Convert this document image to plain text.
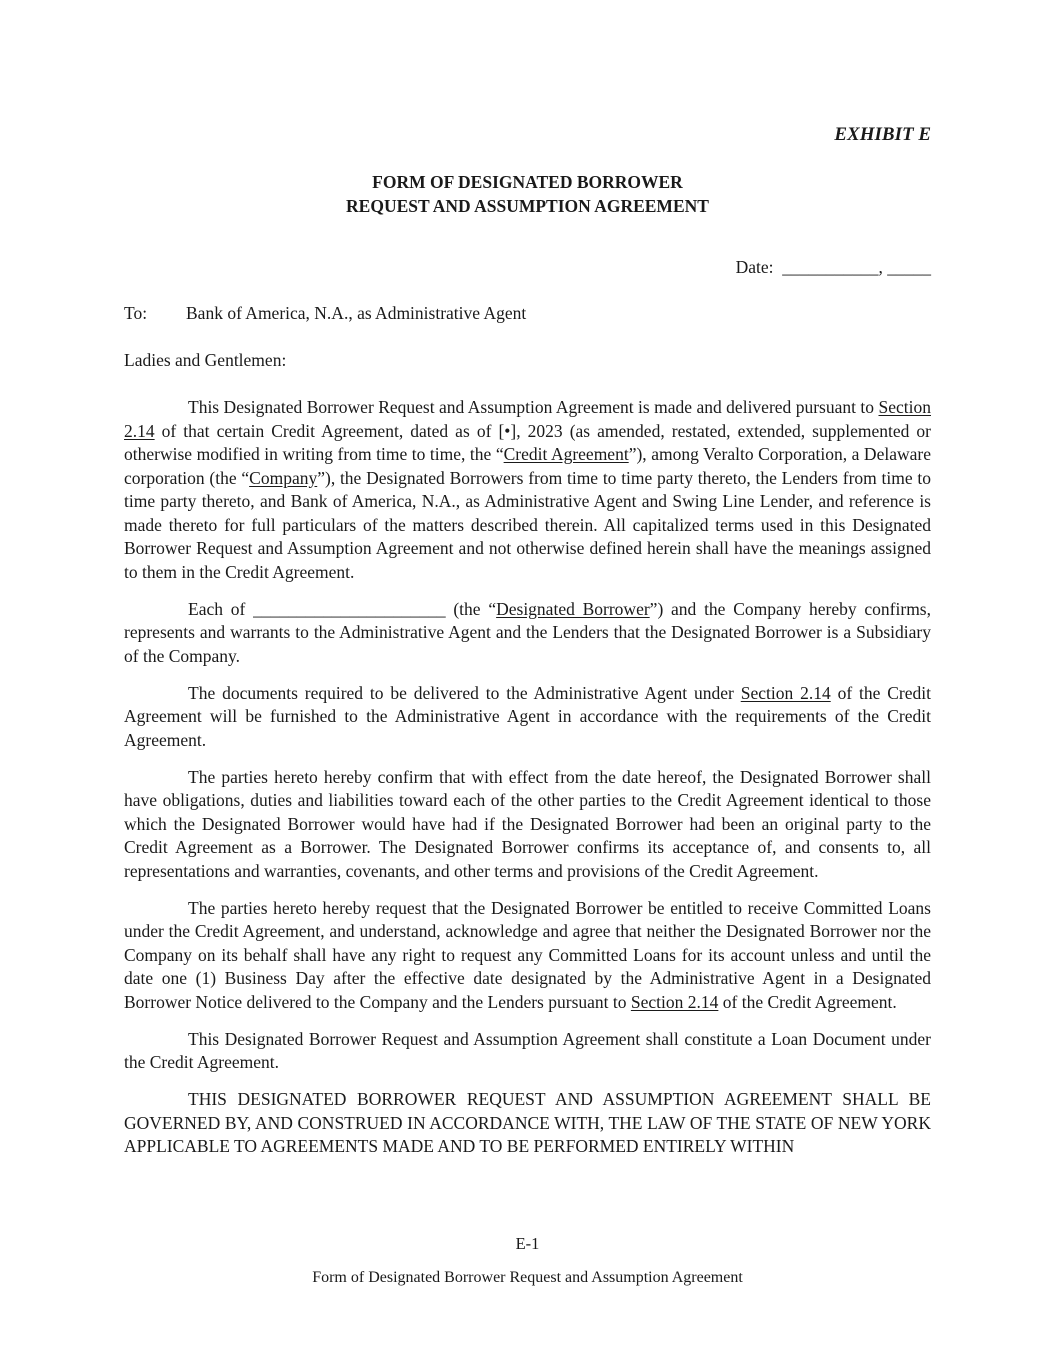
EXHIBIT E
FORM OF DESIGNATED BORROWER
REQUEST AND ASSUMPTION AGREEMENT
Date: ___________, _____
To: Bank of America, N.A., as Administrative Agent
Ladies and Gentlemen:

This Designated Borrower Request and Assumption Agreement is made and delivered pursuant to Section 2.14 of that certain Credit Agreement, dated as of [•], 2023 (as amended, restated, extended, supplemented or otherwise modified in writing from time to time, the “Credit Agreement”), among Veralto Corporation, a Delaware corporation (the “Company”), the Designated Borrowers from time to time party thereto, the Lenders from time to time party thereto, and Bank of America, N.A., as Administrative Agent and Swing Line Lender, and reference is made thereto for full particulars of the matters described therein. All capitalized terms used in this Designated Borrower Request and Assumption Agreement and not otherwise defined herein shall have the meanings assigned to them in the Credit Agreement.

Each of ______________________ (the “Designated Borrower”) and the Company hereby confirms, represents and warrants to the Administrative Agent and the Lenders that the Designated Borrower is a Subsidiary of the Company.

The documents required to be delivered to the Administrative Agent under Section 2.14 of the Credit Agreement will be furnished to the Administrative Agent in accordance with the requirements of the Credit Agreement.

The parties hereto hereby confirm that with effect from the date hereof, the Designated Borrower shall have obligations, duties and liabilities toward each of the other parties to the Credit Agreement identical to those which the Designated Borrower would have had if the Designated Borrower had been an original party to the Credit Agreement as a Borrower. The Designated Borrower confirms its acceptance of, and consents to, all representations and warranties, covenants, and other terms and provisions of the Credit Agreement.

The parties hereto hereby request that the Designated Borrower be entitled to receive Committed Loans under the Credit Agreement, and understand, acknowledge and agree that neither the Designated Borrower nor the Company on its behalf shall have any right to request any Committed Loans for its account unless and until the date one (1) Business Day after the effective date designated by the Administrative Agent in a Designated Borrower Notice delivered to the Company and the Lenders pursuant to Section 2.14 of the Credit Agreement.

This Designated Borrower Request and Assumption Agreement shall constitute a Loan Document under the Credit Agreement.

THIS DESIGNATED BORROWER REQUEST AND ASSUMPTION AGREEMENT SHALL BE GOVERNED BY, AND CONSTRUED IN ACCORDANCE WITH, THE LAW OF THE STATE OF NEW YORK APPLICABLE TO AGREEMENTS MADE AND TO BE PERFORMED ENTIRELY WITHIN

E-1
Form of Designated Borrower Request and Assumption Agreement
